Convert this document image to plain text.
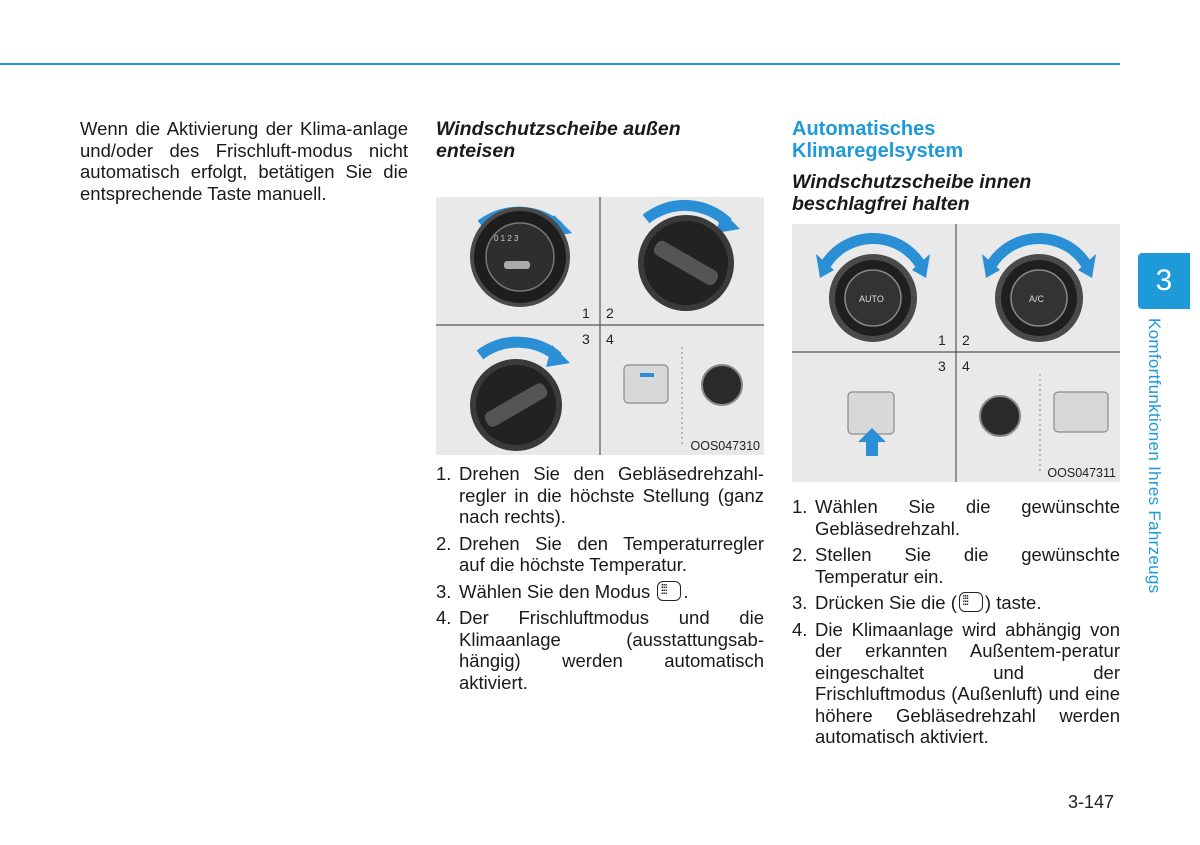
Wenn die Aktivierung der Klima-anlage und/oder des Frischluft-modus nicht automatisch erfolgt, betätigen Sie die entsprechende Taste manuell.

Windschutzscheibe außen enteisen

0 1 2 3
1 2
3 4
OOS047310
1. Drehen Sie den Gebläsedrehzahl-regler in die höchste Stellung (ganz nach rechts).
2. Drehen Sie den Temperaturregler auf die höchste Temperatur.
3. Wählen Sie den Modus ⁞⁞⁞ .
4. Der Frischluftmodus und die Klimaanlage (ausstattungsab-hängig) werden automatisch aktiviert.

Automatisches Klimaregelsystem

Windschutzscheibe innen beschlagfrei halten

AUTO	A/C
1 2
3 4
OOS047311
1. Wählen Sie die gewünschte Gebläsedrehzahl.
2. Stellen Sie die gewünschte Temperatur ein.
3. Drücken Sie die ( ⁞⁞⁞ ) taste.
4. Die Klimaanlage wird abhängig von der erkannten Außentem-peratur eingeschaltet und der Frischluftmodus (Außenluft) und eine höhere Gebläsedrehzahl werden automatisch aktiviert.
3
Komfortfunktionen Ihres Fahrzeugs
3-147
